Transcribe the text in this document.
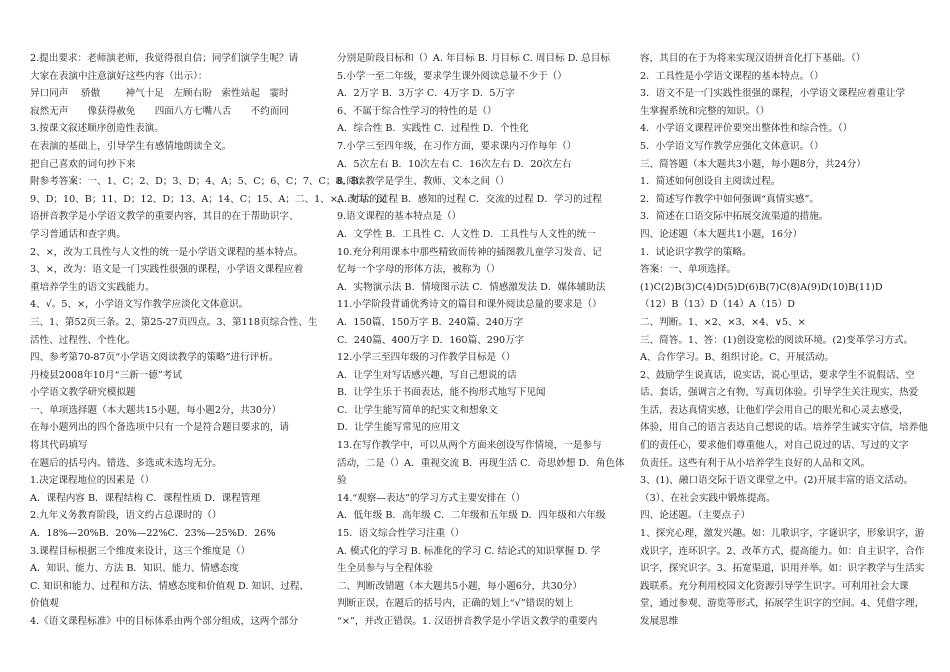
2.提出要求：老师演老师，我觉得很自信；同学们演学生呢？请
大家在表演中注意演好这些内容（出示）：
异口同声　 骄傲　 　 神气十足　左顾右盼　索性站起　霎时
寂然无声　　像获得赦免　　四面八方七嘴八舌　　不约而同
3.按课文叙述顺序创造性表演。
在表演的基础上，引导学生有感情地朗读全文。
把自己喜欢的词句抄下来
附参考答案：一、1、C；2、D；3、D；4、A；5、C；6、C；7、C；8、B；
9、D；10、B；11、D；12、D；13、A；14、C；15、A；二、1、×，改为：汉
语拼音教学是小学语文教学的重要内容，其目的在于帮助识字、
学习普通话和查字典。
2、×，改为工具性与人文性的统一是小学语文课程的基本特点。
3、×，改为：语文是一门实践性很强的课程，小学语文课程应着
重培养学生的语文实践能力。
4、√。5、×，小学语文写作教学应淡化文体意识。
三、1、第52页三条。2、第25-27页四点。3、第118页综合性、生
活性、过程性、个性化。
四、参考第70-87页“小学语文阅读教学的策略”进行评析。
丹棱县2008年10月“三新一德”考试
小学语文教学研究模拟题
一、单项选择题（本大题共15小题，每小题2分，共30分）
在每小题列出的四个备选项中只有一个是符合题目要求的，请
将其代码填写
在题后的括号内。错选、多选或未选均无分。
1.决定课程地位的因素是（）
A．课程内容 B．课程结构 C．课程性质 D．课程管理
2.九年义务教育阶段，语文约占总课时的（）
A．18%—20%B．20%—22%C．23%—25%D．26%
3.课程目标根据三个维度来设计，这三个维度是（）
A．知识、能力、方法 B．知识、能力、情感态度
C. 知识和能力、过程和方法、情感态度和价值观 D. 知识、过程、
价值观
4.《语文课程标准》中的目标体系由两个部分组成，这两个部分
分别是阶段目标和（）A. 年目标 B. 月目标 C. 周目标 D. 总目标
5.小学一至二年级，要求学生课外阅读总量不少于（）
A．2万字 B．3万字 C．4万字 D．5万字
6、不属于综合性学习的特性的是（）
A．综合性 B．实践性 C．过程性 D．个性化
7.小学三至四年级，在习作方面，要求课内习作每年（）
A．5次左右 B．10次左右 C．16次左右 D．20次左右
8.阅读教学是学生、教师、文本之间（）
A. 对话的过程 B．感知的过程 C．交流的过程 D．学习的过程
9.语文课程的基本特点是（）
A．文学性 B．工具性 C．人文性 D．工具性与人文性的统一
10.充分利用课本中那些精致而传神的插图教儿童学习发音、记
忆每一个字母的形体方法，被称为（）
A．实物演示法 B．情境图示法 C．情感激发法 D．媒体辅助法
11.小学阶段背诵优秀诗文的篇目和课外阅读总量的要求是（）
A．150篇、150万字 B．240篇、240万字
C．240篇、400万字 D．160篇、290万字
12.小学三至四年级的习作教学目标是（）
A．让学生对写话感兴趣，写自己想说的话
B．让学生乐于书面表达，能不拘形式地写下见闻
C．让学生能写简单的纪实文和想象文
D．让学生能写常见的应用文
13.在写作教学中，可以从两个方面来创设写作情境，一是参与
活动，二是（）A．重视交流 B．再现生活 C．奇思妙想 D．角色体
验
14.“观察—表达”的学习方式主要安排在（）
A．低年级 B．高年级 C．二年级和五年级 D．四年级和六年级
15．语文综合性学习注重（）
A. 模式化的学习 B. 标准化的学习 C. 结论式的知识掌握 D. 学
生全员参与与全程体验
二、判断改错题（本大题共5小题，每小题6分，共30分）
判断正误，在题后的括号内，正确的划上“√”错误的划上
“×”，并改正错误。1. 汉语拼音教学是小学语文教学的重要内
容，其目的在于为将来实现汉语拼音化打下基础。（）
2．工具性是小学语文课程的基本特点。（）
3．语文不是一门实践性很强的课程，小学语文课程应着重让学
生掌握系统和完整的知识。（）
4．小学语文课程评价要突出整体性和综合性。（）
5．小学语文写作教学应强化文体意识。（）
三、简答题（本大题共3小题，每小题8分，共24分）
1．简述如何创设自主阅读过程。
2．简述写作教学中如何强调“真情实感”。
3．简述在口语交际中拓展交流渠道的措施。
四、论述题（本大题共1小题，16分）
1．试论识字教学的策略。
答案：一、单项选择。
(1)C(2)B(3)C(4)D(5)D(6)B(7)C(8)A(9)D(10)B(11)D
（12）B（13）D（14）A（15）D
二、判断。1、×2、×3、×4、∨5、×
三、简答。1、答：(1)创设宽松的阅读环境。(2)变革学习方式。
A、合作学习。B、组织讨论。C、开展活动。
2、鼓励学生说真话，说实话，说心里话，要求学生不说假话、空
话、套话，强调言之有物，写真切体验。引导学生关注现实，热爱
生活，表达真情实感，让他们学会用自己的眼光和心灵去感受，
体验，用自己的语言表达自己想说的话。培养学生诚实守信，培养他
们的责任心，要求他们尊重他人，对自己说过的话、写过的文字
负责任。这些有利于从小培养学生良好的人品和文风。
3、(1)、融口语交际于语文课堂之中。(2)开展丰富的语文活动。
（3）、在社会实践中锻炼提高。
四、论述题。（主要点子）
1、探究心理，激发兴趣。如：儿歌识字，字谜识字，形象识字，游
戏识字，连环识字。2、改革方式，提高能力。如：自主识字，合作
识字，探究识字。3、拓宽渠道，识用并举。如：识字教学与生活实
践联系。充分利用校园文化资源引导学生识字。可利用社会大课
堂，通过参观、游览等形式，拓展学生识字的空间。4、凭借字理，
发展思维
